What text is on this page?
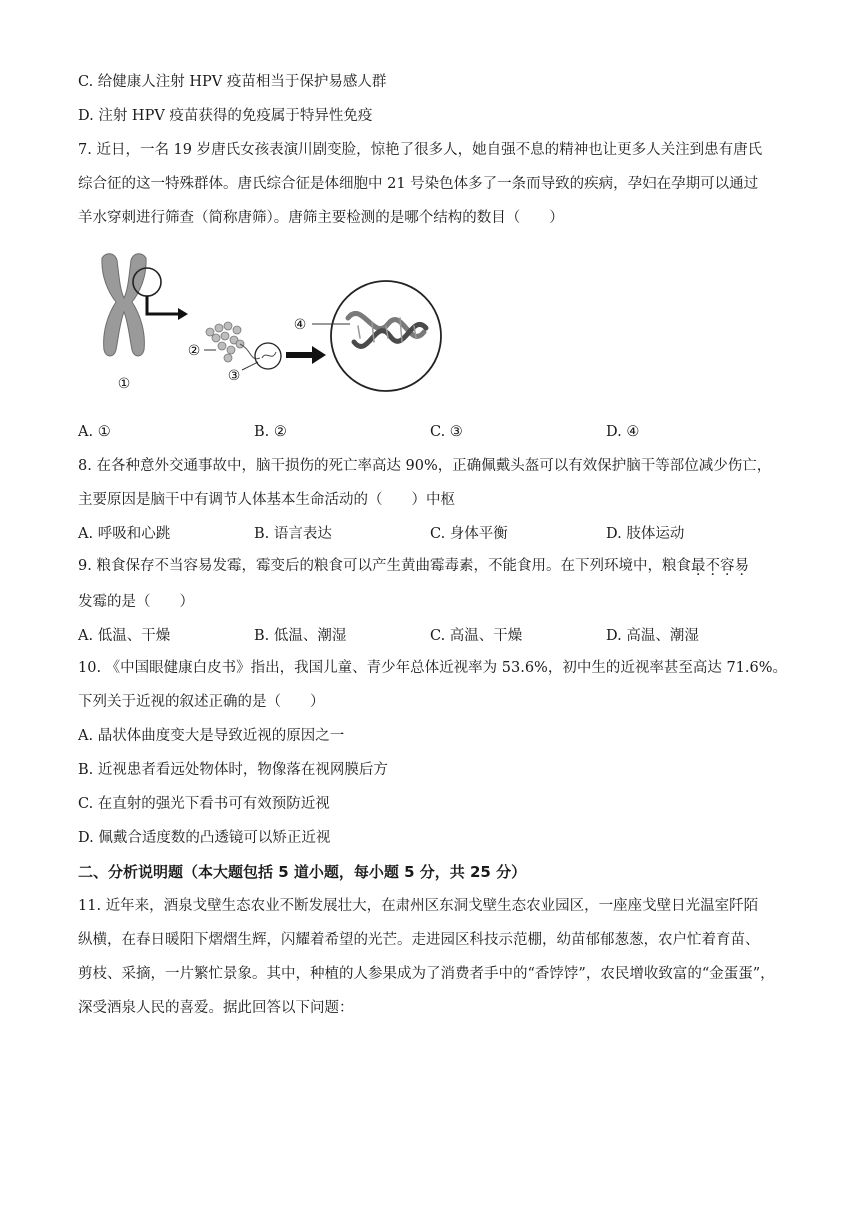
C. 给健康人注射 HPV 疫苗相当于保护易感人群
D. 注射 HPV 疫苗获得的免疫属于特异性免疫
7. 近日，一名 19 岁唐氏女孩表演川剧变脸，惊艳了很多人，她自强不息的精神也让更多人关注到患有唐氏
综合征的这一特殊群体。唐氏综合征是体细胞中 21 号染色体多了一条而导致的疾病，孕妇在孕期可以通过
羊水穿刺进行筛查（简称唐筛）。唐筛主要检测的是哪个结构的数目（　　）
①
②
③
④
A. ①	B. ②	C. ③	D. ④
8. 在各种意外交通事故中，脑干损伤的死亡率高达 90%，正确佩戴头盔可以有效保护脑干等部位减少伤亡，
主要原因是脑干中有调节人体基本生命活动的（　　）中枢
A. 呼吸和心跳	B. 语言表达	C. 身体平衡	D. 肢体运动
9. 粮食保存不当容易发霉，霉变后的粮食可以产生黄曲霉毒素，不能食用。在下列环境中，粮食最不容易
发霉的是（　　）
A. 低温、干燥	B. 低温、潮湿	C. 高温、干燥	D. 高温、潮湿
10. 《中国眼健康白皮书》指出，我国儿童、青少年总体近视率为 53.6%，初中生的近视率甚至高达 71.6%。
下列关于近视的叙述正确的是（　　）
A. 晶状体曲度变大是导致近视的原因之一
B. 近视患者看远处物体时，物像落在视网膜后方
C. 在直射的强光下看书可有效预防近视
D. 佩戴合适度数的凸透镜可以矫正近视
二、分析说明题（本大题包括 5 道小题，每小题 5 分，共 25 分）
11. 近年来，酒泉戈壁生态农业不断发展壮大，在肃州区东洞戈壁生态农业园区，一座座戈壁日光温室阡陌
纵横，在春日暖阳下熠熠生辉，闪耀着希望的光芒。走进园区科技示范棚，幼苗郁郁葱葱，农户忙着育苗、
剪枝、采摘，一片繁忙景象。其中，种植的人参果成为了消费者手中的“香饽饽”，农民增收致富的“金蛋蛋”，
深受酒泉人民的喜爱。据此回答以下问题：
